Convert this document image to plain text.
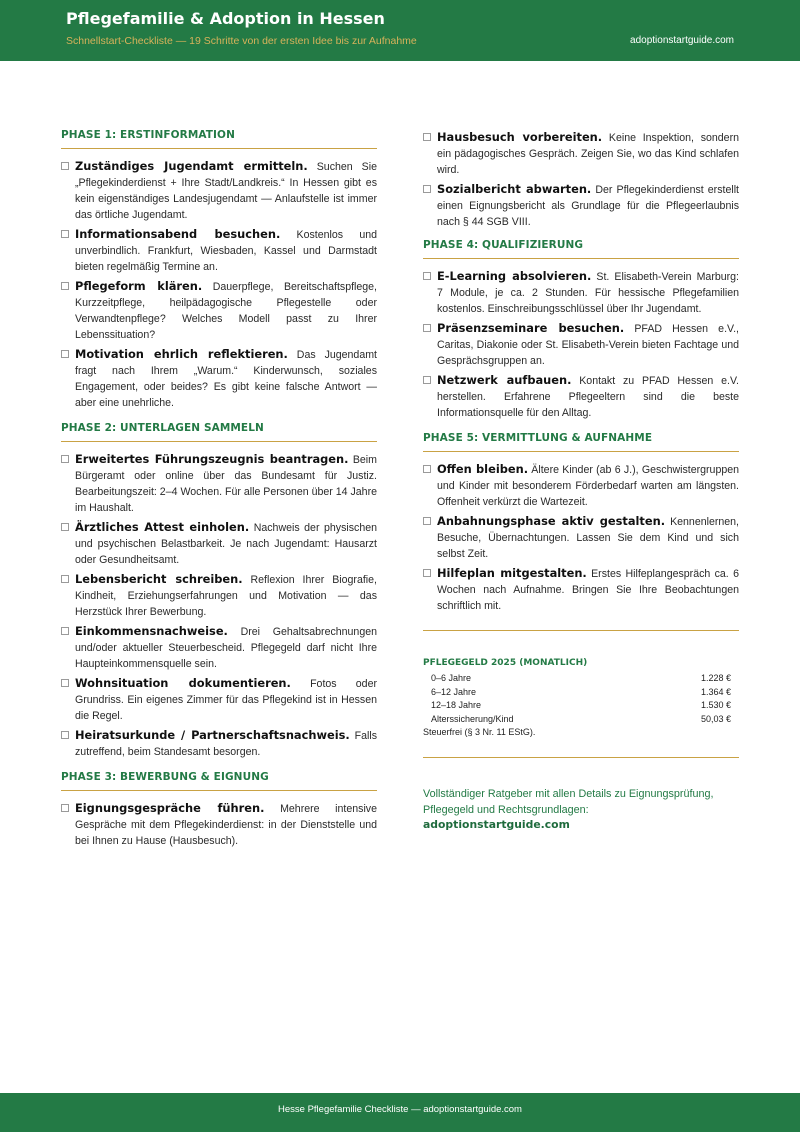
Pflegefamilie & Adoption in Hessen
Schnellstart-Checkliste — 19 Schritte von der ersten Idee bis zur Aufnahme	adoptionstartguide.com
PHASE 1: ERSTINFORMATION
Zuständiges Jugendamt ermitteln. Suchen Sie „Pflegekinderdienst + Ihre Stadt/Landkreis.“ In Hessen gibt es kein eigenständiges Landesjugendamt — Anlaufstelle ist immer das örtliche Jugendamt.
Informationsabend besuchen. Kostenlos und unverbindlich. Frankfurt, Wiesbaden, Kassel und Darmstadt bieten regelmäßig Termine an.
Pflegeform klären. Dauerpflege, Bereitschaftspflege, Kurzzeitpflege, heilpädagogische Pflegestelle oder Verwandtenpflege? Welches Modell passt zu Ihrer Lebenssituation?
Motivation ehrlich reflektieren. Das Jugendamt fragt nach Ihrem „Warum.“ Kinderwunsch, soziales Engagement, oder beides? Es gibt keine falsche Antwort — aber eine unehrliche.
PHASE 2: UNTERLAGEN SAMMELN
Erweitertes Führungszeugnis beantragen. Beim Bürgeramt oder online über das Bundesamt für Justiz. Bearbeitungszeit: 2–4 Wochen. Für alle Personen über 14 Jahre im Haushalt.
Ärztliches Attest einholen. Nachweis der physischen und psychischen Belastbarkeit. Je nach Jugendamt: Hausarzt oder Gesundheitsamt.
Lebensbericht schreiben. Reflexion Ihrer Biografie, Kindheit, Erziehungserfahrungen und Motivation — das Herzstück Ihrer Bewerbung.
Einkommensnachweise. Drei Gehaltsabrechnungen und/oder aktueller Steuerbescheid. Pflegegeld darf nicht Ihre Haupteinkommensquelle sein.
Wohnsituation dokumentieren. Fotos oder Grundriss. Ein eigenes Zimmer für das Pflegekind ist in Hessen die Regel.
Heiratsurkunde / Partnerschaftsnachweis. Falls zutreffend, beim Standesamt besorgen.
PHASE 3: BEWERBUNG & EIGNUNG
Eignungsgespräche führen. Mehrere intensive Gespräche mit dem Pflegekinderdienst: in der Dienststelle und bei Ihnen zu Hause (Hausbesuch).
Hausbesuch vorbereiten. Keine Inspektion, sondern ein pädagogisches Gespräch. Zeigen Sie, wo das Kind schlafen wird.
Sozialbericht abwarten. Der Pflegekinderdienst erstellt einen Eignungsbericht als Grundlage für die Pflegeerlaubnis nach § 44 SGB VIII.
PHASE 4: QUALIFIZIERUNG
E-Learning absolvieren. St. Elisabeth-Verein Marburg: 7 Module, je ca. 2 Stunden. Für hessische Pflegefamilien kostenlos. Einschreibungsschlüssel über Ihr Jugendamt.
Präsenzseminare besuchen. PFAD Hessen e.V., Caritas, Diakonie oder St. Elisabeth-Verein bieten Fachtage und Gesprächsgruppen an.
Netzwerk aufbauen. Kontakt zu PFAD Hessen e.V. herstellen. Erfahrene Pflegeeltern sind die beste Informationsquelle für den Alltag.
PHASE 5: VERMITTLUNG & AUFNAHME
Offen bleiben. Ältere Kinder (ab 6 J.), Geschwistergruppen und Kinder mit besonderem Förderbedarf warten am längsten. Offenheit verkürzt die Wartezeit.
Anbahnungsphase aktiv gestalten. Kennenlernen, Besuche, Übernachtungen. Lassen Sie dem Kind und sich selbst Zeit.
Hilfeplan mitgestalten. Erstes Hilfeplangespräch ca. 6 Wochen nach Aufnahme. Bringen Sie Ihre Beobachtungen schriftlich mit.
PFLEGEGELD 2025 (MONATLICH)
0–6 Jahre	1.228 €
6–12 Jahre	1.364 €
12–18 Jahre	1.530 €
Alterssicherung/Kind	50,03 €
Steuerfrei (§ 3 Nr. 11 EStG).
Vollständiger Ratgeber mit allen Details zu Eignungsprüfung, Pflegegeld und Rechtsgrundlagen:
adoptionstartguide.com
Hesse Pflegefamilie Checkliste — adoptionstartguide.com
